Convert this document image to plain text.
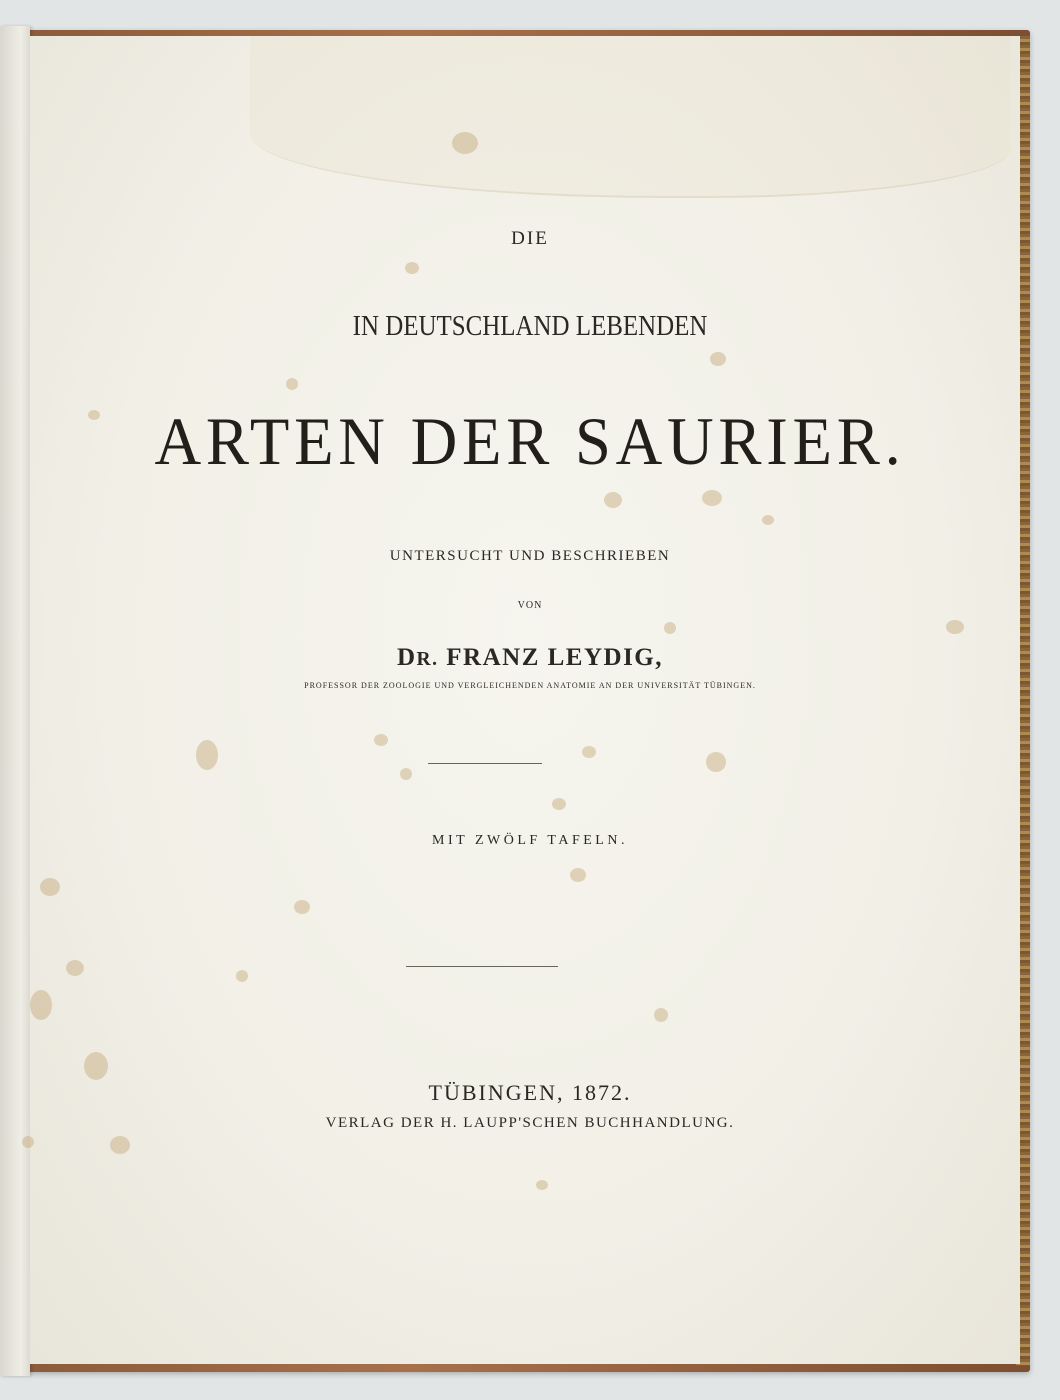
DIE
IN DEUTSCHLAND LEBENDEN
ARTEN DER SAURIER.
UNTERSUCHT UND BESCHRIEBEN
VON
DR. FRANZ LEYDIG,
PROFESSOR DER ZOOLOGIE UND VERGLEICHENDEN ANATOMIE AN DER UNIVERSITÄT TÜBINGEN.
MIT ZWÖLF TAFELN.
TÜBINGEN, 1872.
VERLAG DER H. LAUPP'SCHEN BUCHHANDLUNG.
